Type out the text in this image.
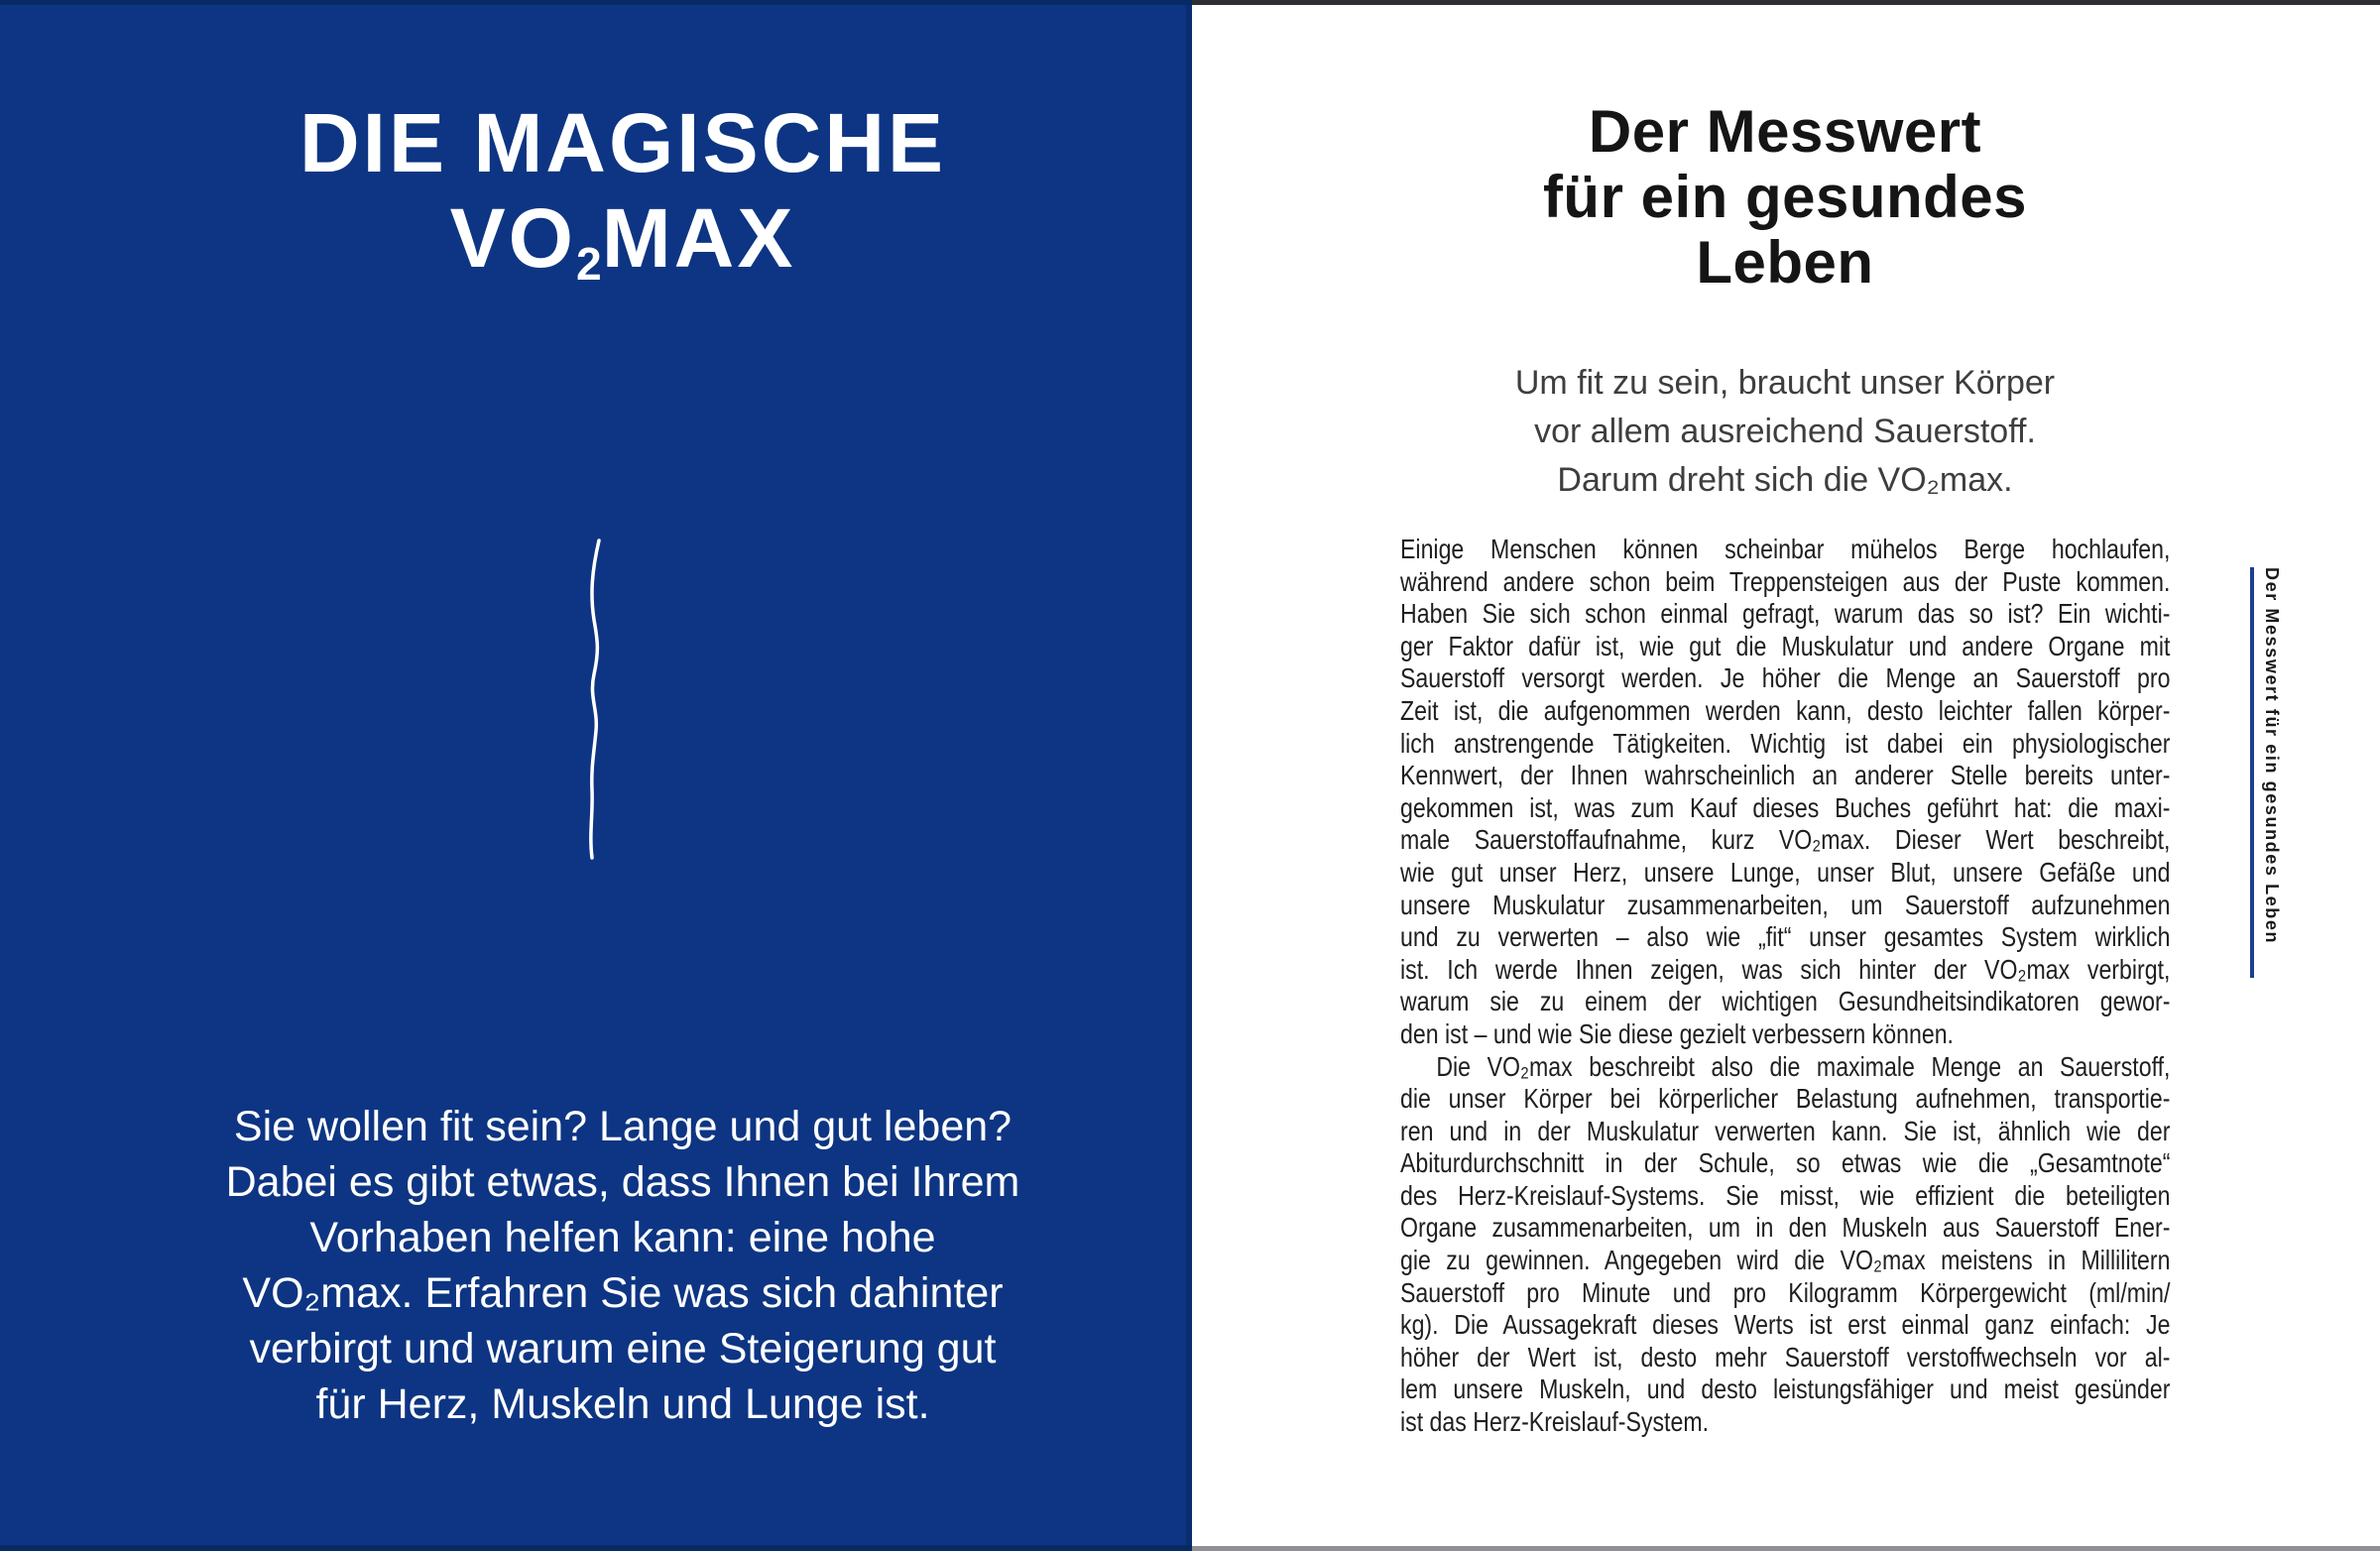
DIE MAGISCHE
VO2MAX
Sie wollen fit sein? Lange und gut leben?
Dabei es gibt etwas, dass Ihnen bei Ihrem
Vorhaben helfen kann: eine hohe
VO₂max. Erfahren Sie was sich dahinter
verbirgt und warum eine Steigerung gut
für Herz, Muskeln und Lunge ist.
Der Messwert
für ein gesundes
Leben
Um fit zu sein, braucht unser Körper
vor allem ausreichend Sauerstoff.
Darum dreht sich die VO₂max.
Einige Menschen können scheinbar mühelos Berge hochlaufen,
während andere schon beim Treppensteigen aus der Puste kommen.
Haben Sie sich schon einmal gefragt, warum das so ist? Ein wichti-
ger Faktor dafür ist, wie gut die Muskulatur und andere Organe mit
Sauerstoff versorgt werden. Je höher die Menge an Sauerstoff pro
Zeit ist, die aufgenommen werden kann, desto leichter fallen körper-
lich anstrengende Tätigkeiten. Wichtig ist dabei ein physiologischer
Kennwert, der Ihnen wahrscheinlich an anderer Stelle bereits unter-
gekommen ist, was zum Kauf dieses Buches geführt hat: die maxi-
male Sauerstoffaufnahme, kurz VO₂max. Dieser Wert beschreibt,
wie gut unser Herz, unsere Lunge, unser Blut, unsere Gefäße und
unsere Muskulatur zusammenarbeiten, um Sauerstoff aufzunehmen
und zu verwerten – also wie „fit“ unser gesamtes System wirklich
ist. Ich werde Ihnen zeigen, was sich hinter der VO₂max verbirgt,
warum sie zu einem der wichtigen Gesundheitsindikatoren gewor-
den ist – und wie Sie diese gezielt verbessern können.
Die VO₂max beschreibt also die maximale Menge an Sauerstoff,
die unser Körper bei körperlicher Belastung aufnehmen, transportie-
ren und in der Muskulatur verwerten kann. Sie ist, ähnlich wie der
Abiturdurchschnitt in der Schule, so etwas wie die „Gesamtnote“
des Herz-Kreislauf-Systems. Sie misst, wie effizient die beteiligten
Organe zusammenarbeiten, um in den Muskeln aus Sauerstoff Ener-
gie zu gewinnen. Angegeben wird die VO₂max meistens in Millilitern
Sauerstoff pro Minute und pro Kilogramm Körpergewicht (ml/min/
kg). Die Aussagekraft dieses Werts ist erst einmal ganz einfach: Je
höher der Wert ist, desto mehr Sauerstoff verstoffwechseln vor al-
lem unsere Muskeln, und desto leistungsfähiger und meist gesünder
ist das Herz-Kreislauf-System.
Der Messwert für ein gesundes Leben
